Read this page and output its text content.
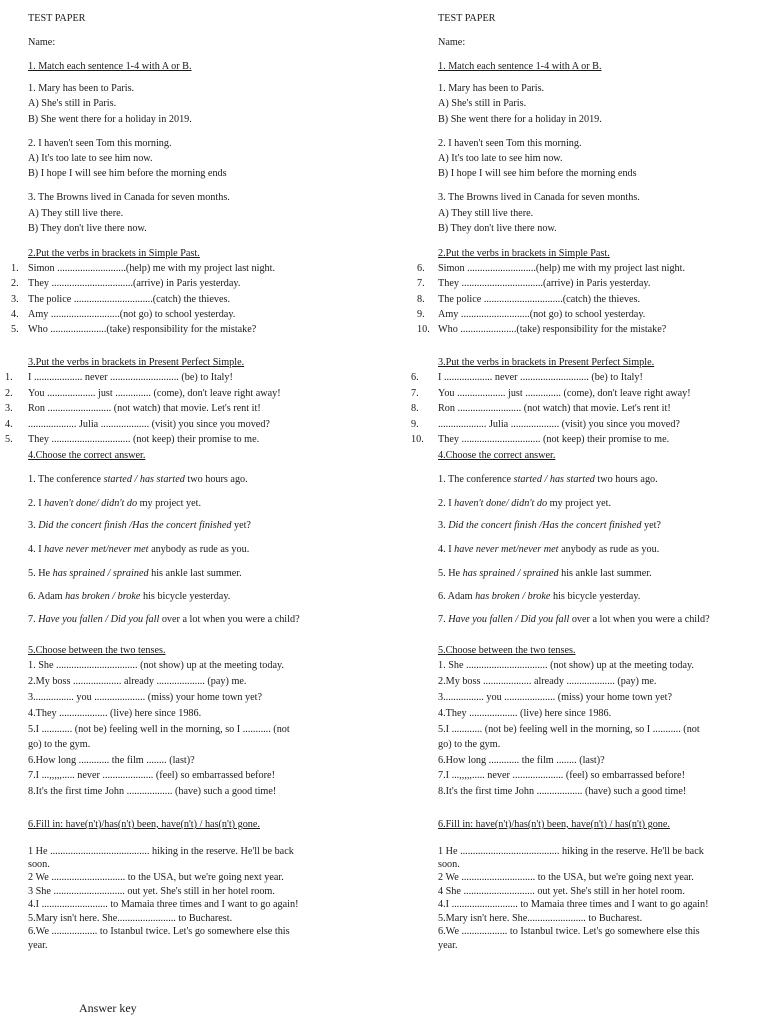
TEST PAPER
Name:
1. Match each sentence 1-4 with A or B.
1. Mary has been to Paris.
A) She's still in Paris.
B) She went there for a holiday in 2019.
2. I haven't seen Tom this morning.
A) It's too late to see him now.
B) I hope I will see him before the morning ends
3. The Browns lived in Canada for seven months.
A) They still live there.
B) They don't live there now.
2.Put the verbs in brackets in Simple Past.
1. Simon ...........................(help) me with my project last night.
2. They ................................(arrive) in Paris yesterday.
3. The police ...............................(catch) the thieves.
4. Amy ...........................(not go) to school yesterday.
5. Who ......................(take) responsibility for the mistake?
3.Put the verbs in brackets in Present Perfect Simple.
1. I ................... never ........................... (be) to Italy!
2. You ................... just .............. (come), don't leave right away!
3. Ron ......................... (not watch) that movie. Let's rent it!
4. ................... Julia ................... (visit) you since you moved?
5. They ............................... (not keep) their promise to me.
4.Choose the correct answer.
1. The conference started / has started two hours ago.
2. I haven't done/ didn't do my project yet.
3. Did the concert finish /Has the concert finished yet?
4. I have never met/never met anybody as rude as you.
5. He has sprained / sprained his ankle last summer.
6. Adam has broken / broke his bicycle yesterday.
7. Have you fallen / Did you fall over a lot when you were a child?
5.Choose between the two tenses.
1. She ................................ (not show) up at the meeting today.
2.My boss ................... already ................... (pay) me.
3................ you .................... (miss) your home town yet?
4.They ................... (live) here since 1986.
5.I ............ (not be) feeling well in the morning, so I ........... (not
go) to the gym.
6.How long ............ the film ........ (last)?
7.I ...,,,,,..... never .................... (feel) so embarrassed before!
8.It's the first time John .................. (have) such a good time!
6.Fill in: have(n't)/has(n't) been, have(n't) / has(n't) gone.
1 He ....................................... hiking in the reserve. He'll be back
soon.
2 We ............................. to the USA, but we're going next year.
3 She ............................ out yet. She's still in her hotel room.
4.I .......................... to Mamaia three times and I want to go again!
5.Mary isn't here. She....................... to Bucharest.
6.We .................. to Istanbul twice. Let's go somewhere else this
year.
TEST PAPER
Name:
1. Match each sentence 1-4 with A or B.
1. Mary has been to Paris.
A) She's still in Paris.
B) She went there for a holiday in 2019.
2. I haven't seen Tom this morning.
A) It's too late to see him now.
B) I hope I will see him before the morning ends
3. The Browns lived in Canada for seven months.
A) They still live there.
B) They don't live there now.
2.Put the verbs in brackets in Simple Past.
6. Simon ...........................(help) me with my project last night.
7. They ................................(arrive) in Paris yesterday.
8. The police ...............................(catch) the thieves.
9. Amy ...........................(not go) to school yesterday.
10. Who ......................(take) responsibility for the mistake?
3.Put the verbs in brackets in Present Perfect Simple.
6. I ................... never ........................... (be) to Italy!
7. You ................... just .............. (come), don't leave right away!
8. Ron ......................... (not watch) that movie. Let's rent it!
9. ................... Julia ................... (visit) you since you moved?
10. They ............................... (not keep) their promise to me.
4.Choose the correct answer.
1. The conference started / has started two hours ago.
2. I haven't done/ didn't do my project yet.
3. Did the concert finish /Has the concert finished yet?
4. I have never met/never met anybody as rude as you.
5. He has sprained / sprained his ankle last summer.
6. Adam has broken / broke his bicycle yesterday.
7. Have you fallen / Did you fall over a lot when you were a child?
5.Choose between the two tenses.
1. She ................................ (not show) up at the meeting today.
2.My boss ................... already ................... (pay) me.
3................ you .................... (miss) your home town yet?
4.They ................... (live) here since 1986.
5.I ............ (not be) feeling well in the morning, so I ........... (not
go) to the gym.
6.How long ............ the film ........ (last)?
7.I ...,,,,,..... never .................... (feel) so embarrassed before!
8.It's the first time John .................. (have) such a good time!
6.Fill in: have(n't)/has(n't) been, have(n't) / has(n't) gone.
1 He ....................................... hiking in the reserve. He'll be back
soon.
2 We ............................. to the USA, but we're going next year.
4 She ............................ out yet. She's still in her hotel room.
4.I .......................... to Mamaia three times and I want to go again!
5.Mary isn't here. She....................... to Bucharest.
6.We .................. to Istanbul twice. Let's go somewhere else this
year.
Answer key
